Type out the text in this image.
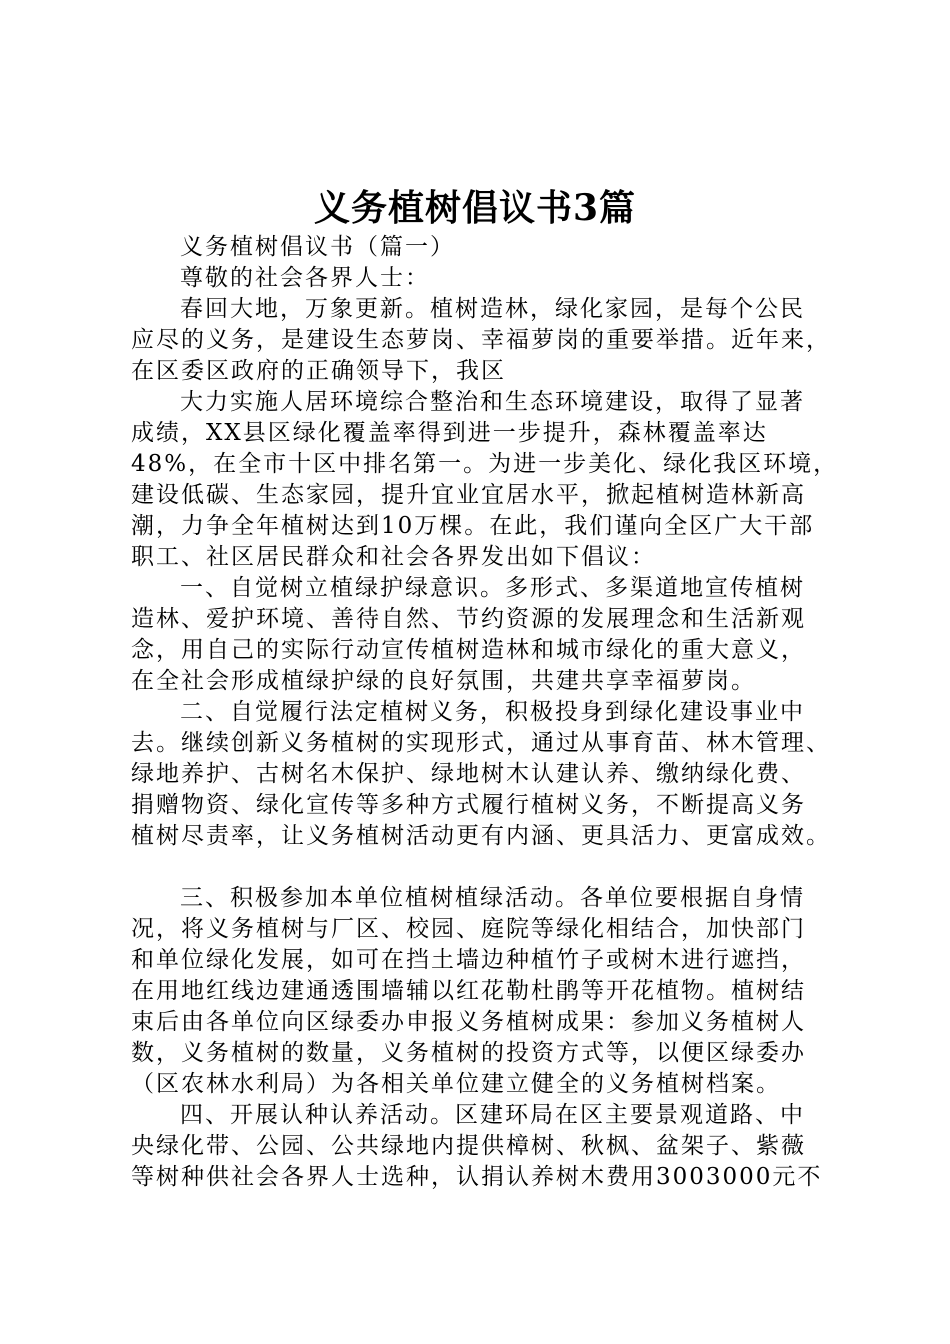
义务植树倡议书3篇
义务植树倡议书（篇一）
尊敬的社会各界人士：
春回大地，万象更新。植树造林，绿化家园，是每个公民
应尽的义务，是建设生态萝岗、幸福萝岗的重要举措。近年来，
在区委区政府的正确领导下，我区
大力实施人居环境综合整治和生态环境建设，取得了显著
成绩，XX县区绿化覆盖率得到进一步提升，森林覆盖率达
48%，在全市十区中排名第一。为进一步美化、绿化我区环境，
建设低碳、生态家园，提升宜业宜居水平，掀起植树造林新高
潮，力争全年植树达到10万棵。在此，我们谨向全区广大干部
职工、社区居民群众和社会各界发出如下倡议：
一、自觉树立植绿护绿意识。多形式、多渠道地宣传植树
造林、爱护环境、善待自然、节约资源的发展理念和生活新观
念，用自己的实际行动宣传植树造林和城市绿化的重大意义，
在全社会形成植绿护绿的良好氛围，共建共享幸福萝岗。
二、自觉履行法定植树义务，积极投身到绿化建设事业中
去。继续创新义务植树的实现形式，通过从事育苗、林木管理、
绿地养护、古树名木保护、绿地树木认建认养、缴纳绿化费、
捐赠物资、绿化宣传等多种方式履行植树义务，不断提高义务
植树尽责率，让义务植树活动更有内涵、更具活力、更富成效。
三、积极参加本单位植树植绿活动。各单位要根据自身情
况，将义务植树与厂区、校园、庭院等绿化相结合，加快部门
和单位绿化发展，如可在挡土墙边种植竹子或树木进行遮挡，
在用地红线边建通透围墙辅以红花勒杜鹃等开花植物。植树结
束后由各单位向区绿委办申报义务植树成果：参加义务植树人
数，义务植树的数量，义务植树的投资方式等，以便区绿委办
（区农林水利局）为各相关单位建立健全的义务植树档案。
四、开展认种认养活动。区建环局在区主要景观道路、中
央绿化带、公园、公共绿地内提供樟树、秋枫、盆架子、紫薇
等树种供社会各界人士选种，认捐认养树木费用3003000元不
